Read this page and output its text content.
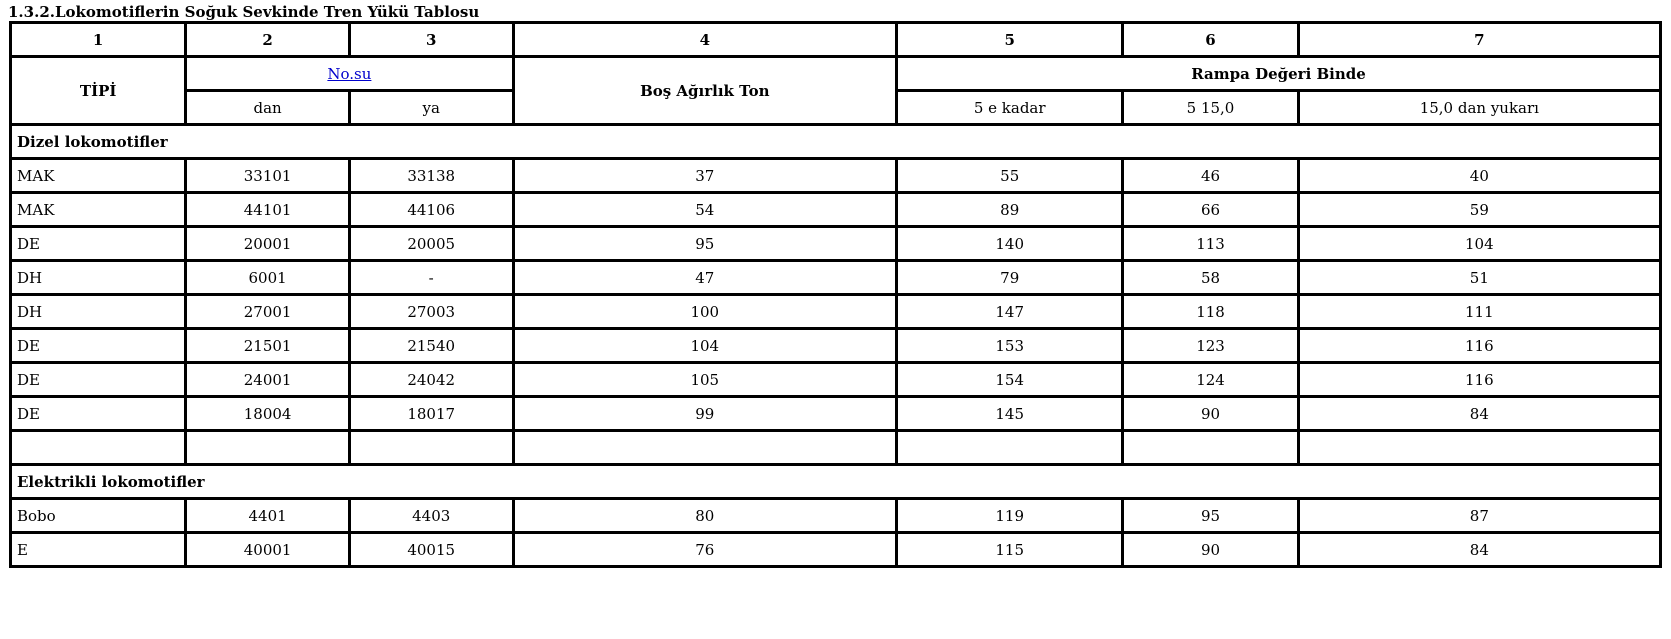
1.3.2.Lokomotiflerin Soğuk Sevkinde Tren Yükü Tablosu
1	2	3	4	5	6	7
TİPİ	No.su		Boş Ağırlık Ton	Rampa Değeri Binde		
	dan	ya		5 e kadar	5 15,0	15,0 dan yukarı
Dizel lokomotifler						
MAK	33101	33138	37	55	46	40
MAK	44101	44106	54	89	66	59
DE	20001	20005	95	140	113	104
DH	6001	-	47	79	58	51
DH	27001	27003	100	147	118	111
DE	21501	21540	104	153	123	116
DE	24001	24042	105	154	124	116
DE	18004	18017	99	145	90	84

Elektrikli lokomotifler						
Bobo	4401	4403	80	119	95	87
E	40001	40015	76	115	90	84
